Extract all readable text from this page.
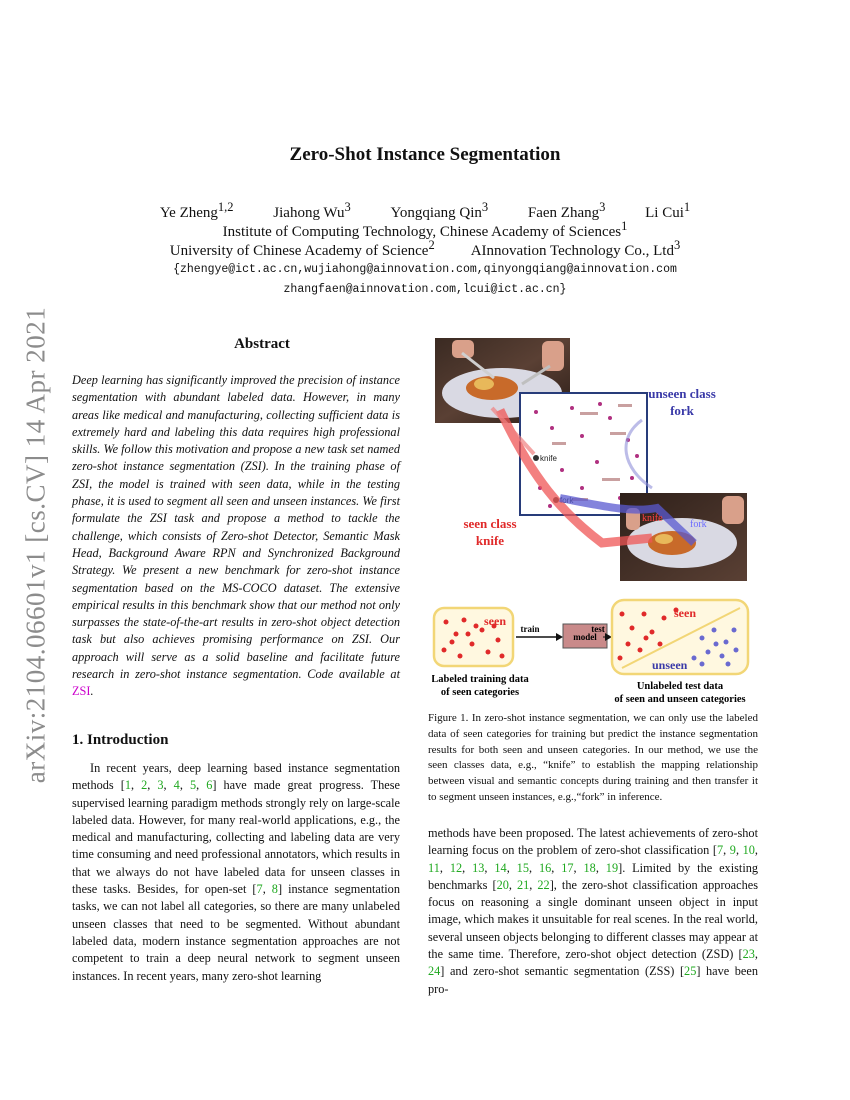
arXiv:2104.06601v1 [cs.CV] 14 Apr 2021
Zero-Shot Instance Segmentation
Ye Zheng$^{1,2}$	Jiahong Wu$^3$	Yongqiang Qin$^3$	Faen Zhang$^3$	Li Cui$^1$
Institute of Computing Technology, Chinese Academy of Sciences$^1$
University of Chinese Academy of Science$^2$ AInnovation Technology Co., Ltd$^3$
{zhengye@ict.ac.cn,wujiahong@ainnovation.com,qinyongqiang@ainnovation.com
zhangfaen@ainnovation.com,lcui@ict.ac.cn}
Abstract
Deep learning has significantly improved the precision of instance segmentation with abundant labeled data. However, in many areas like medical and manufacturing, collecting sufficient data is extremely hard and labeling this data requires high professional skills. We follow this motivation and propose a new task set named zero-shot instance segmentation (ZSI). In the training phase of ZSI, the model is trained with seen data, while in the testing phase, it is used to segment all seen and unseen instances. We first formulate the ZSI task and propose a method to tackle the challenge, which consists of Zero-shot Detector, Semantic Mask Head, Background Aware RPN and Synchronized Background Strategy. We present a new benchmark for zero-shot instance segmentation based on the MS-COCO dataset. The extensive empirical results in this benchmark show that our method not only surpasses the state-of-the-art results in zero-shot object detection task but also achieves promising performance on ZSI. Our approach will serve as a solid baseline and facilitate future research in zero-shot instance segmentation. Code available at ZSI.
1. Introduction
In recent years, deep learning based instance segmentation methods [1, 2, 3, 4, 5, 6] have made great progress. These supervised learning paradigm methods strongly rely on large-scale labeled data. However, for many real-world applications, e.g., the medical and manufacturing, collecting and labeling data are very time consuming and need professional annotators, which results in that we always do not have labeled data for unseen classes in these tasks. Besides, for open-set [7, 8] instance segmentation tasks, we can not label all categories, so there are many unlabeled unseen classes that need to be segmented. Without abundant labeled data, modern instance segmentation approaches are not competent to train a deep neural network to segment unseen instances. In recent years, many zero-shot learning
knife
fork
unseen class
fork
seen class
knife
knife
fork
seen
train
model
test
seen
unseen
Labeled training data
of seen categories
Unlabeled test data
of seen and unseen categories
Figure 1. In zero-shot instance segmentation, we can only use the labeled data of seen categories for training but predict the instance segmentation results for both seen and unseen categories. In our method, we use the seen classes data, e.g., “knife” to establish the mapping relationship between visual and semantic concepts during training and then transfer it to segment unseen instances, e.g.,“fork” in inference.
methods have been proposed. The latest achievements of zero-shot learning focus on the problem of zero-shot classification [7, 9, 10, 11, 12, 13, 14, 15, 16, 17, 18, 19]. Limited by the existing benchmarks [20, 21, 22], the zero-shot classification approaches focus on reasoning a single dominant unseen object in input image, which makes it unsuitable for real scenes. In the real world, several unseen objects belonging to different classes may appear at the same time. Therefore, zero-shot object detection (ZSD) [23, 24] and zero-shot semantic segmentation (ZSS) [25] have been pro-
